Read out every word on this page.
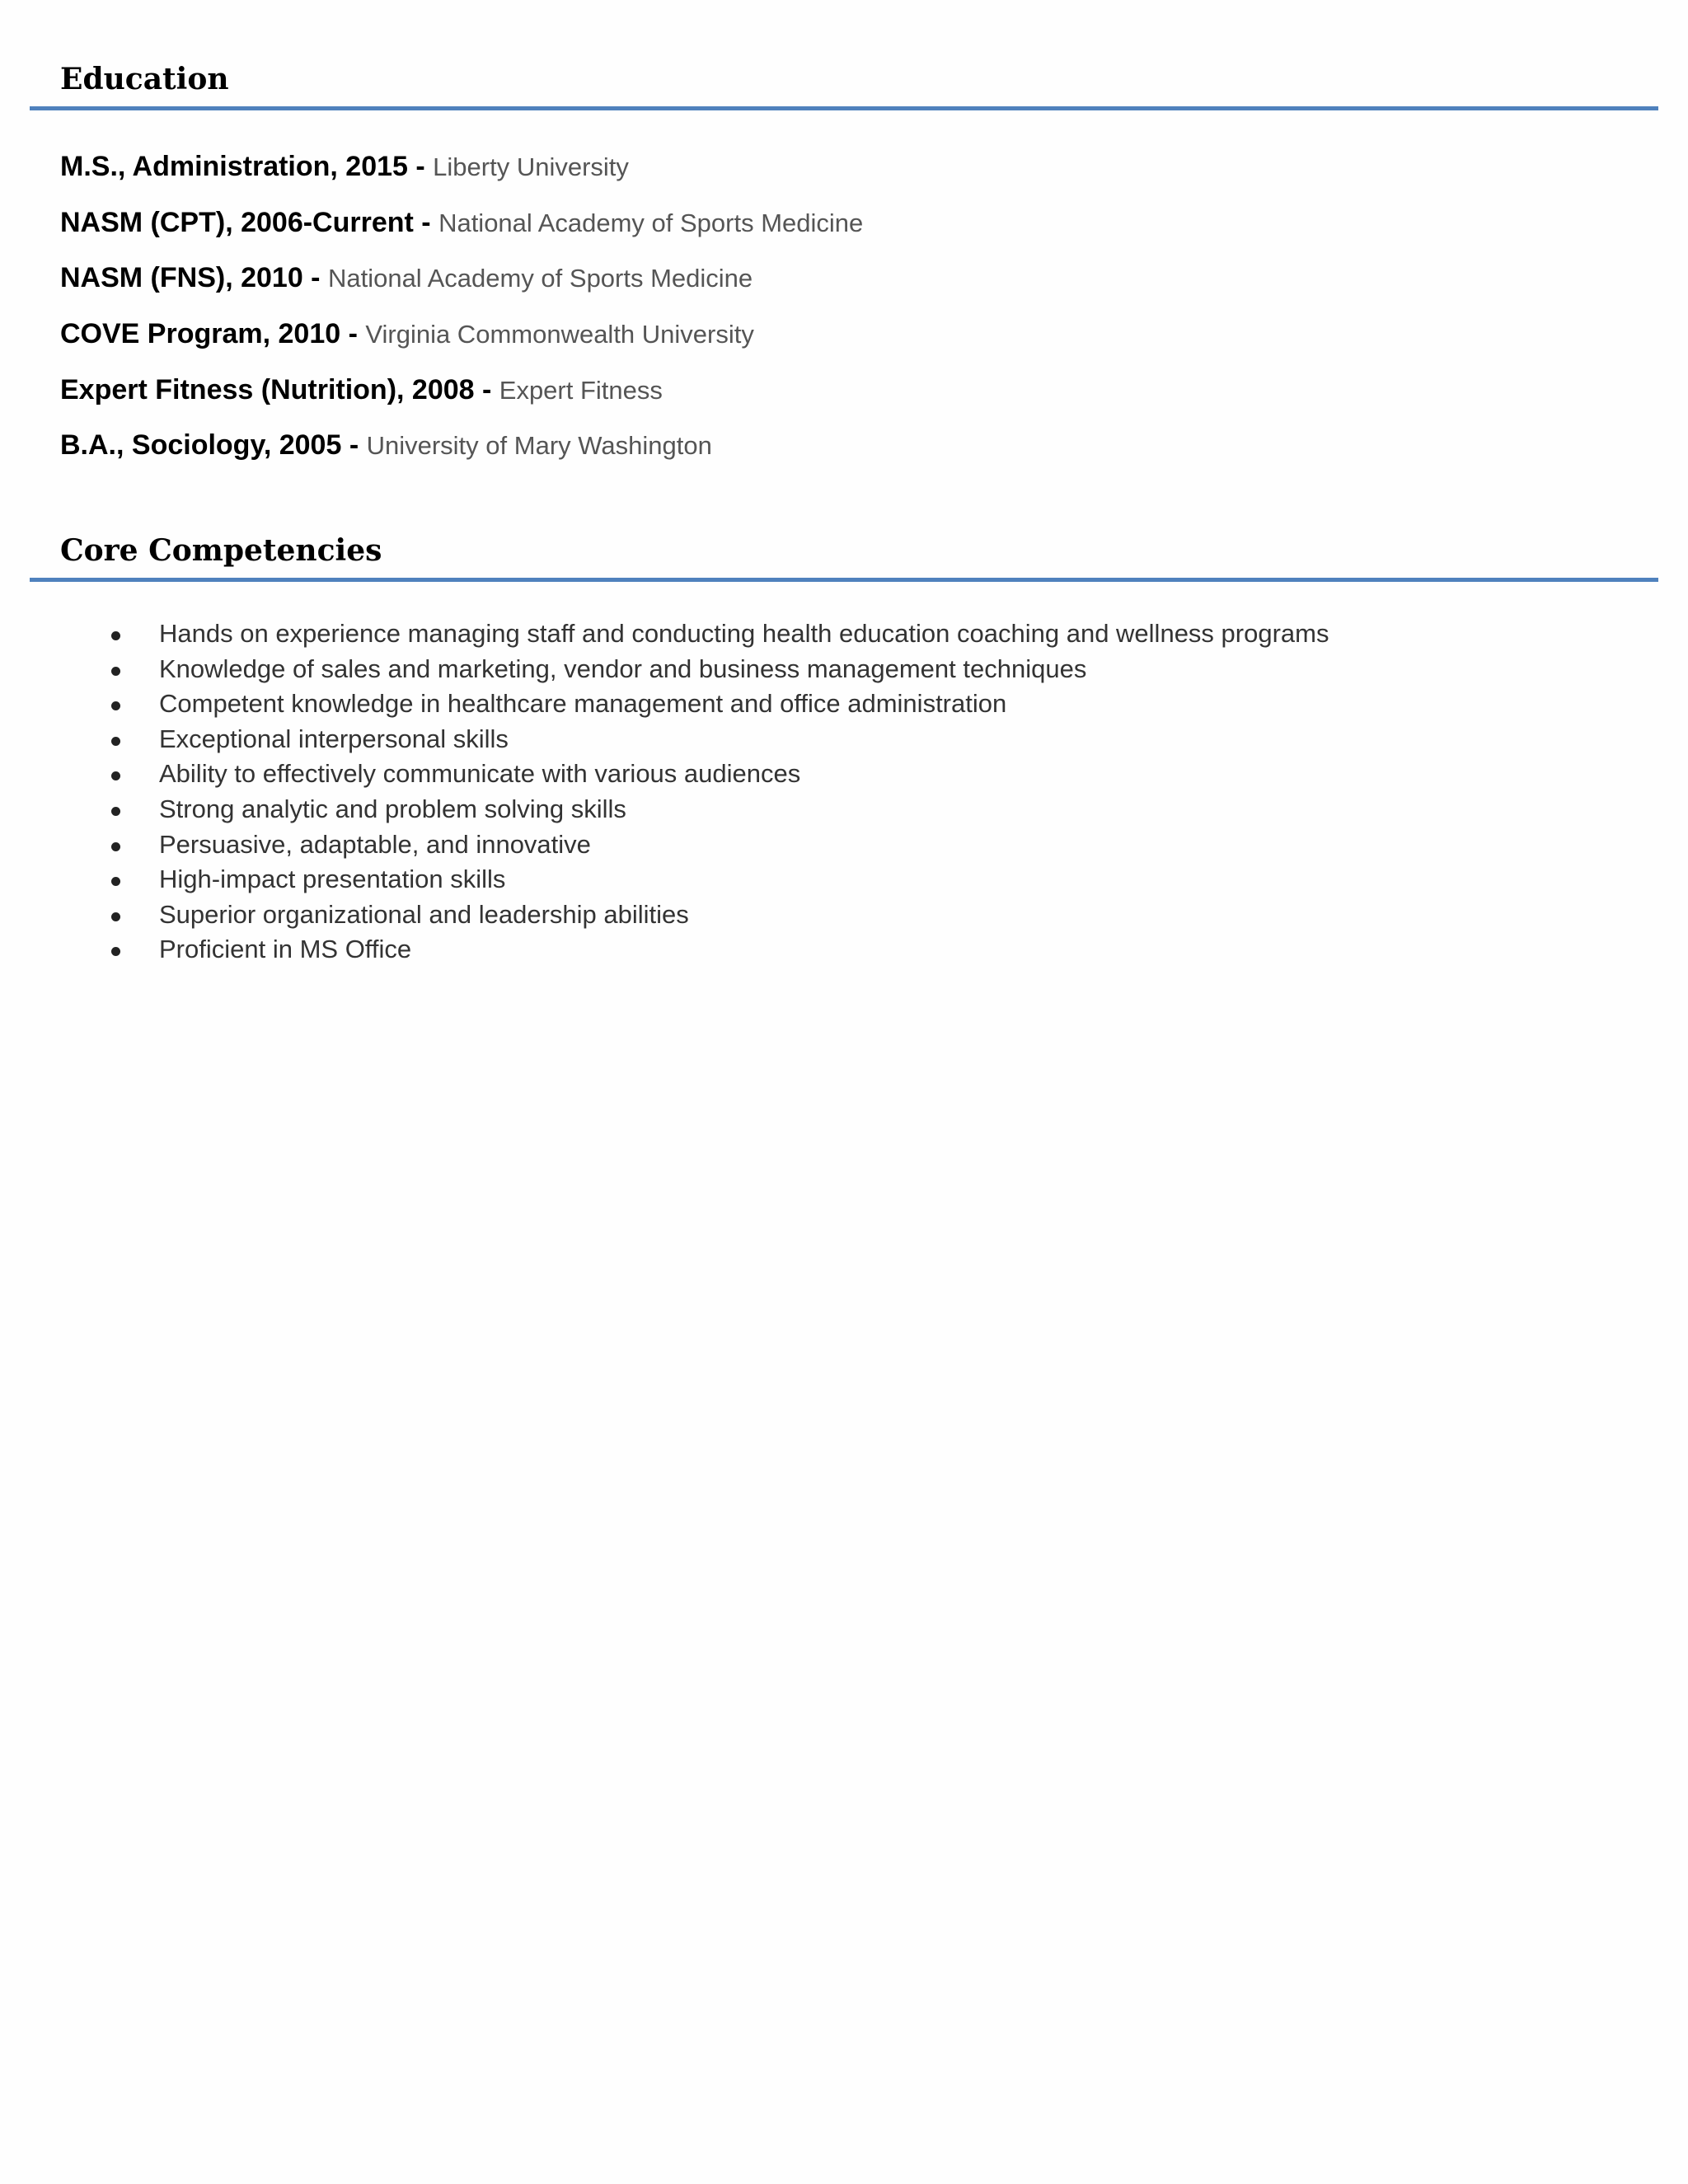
Education
M.S., Administration, 2015 - Liberty University
NASM (CPT), 2006-Current - National Academy of Sports Medicine
NASM (FNS), 2010 - National Academy of Sports Medicine
COVE Program, 2010 - Virginia Commonwealth University
Expert Fitness (Nutrition), 2008 - Expert Fitness
B.A., Sociology, 2005 - University of Mary Washington
Core Competencies
Hands on experience managing staff and conducting health education coaching and wellness programs
Knowledge of sales and marketing, vendor and business management techniques
Competent knowledge in healthcare management and office administration
Exceptional interpersonal skills
Ability to effectively communicate with various audiences
Strong analytic and problem solving skills
Persuasive, adaptable, and innovative
High-impact presentation skills
Superior organizational and leadership abilities
Proficient in MS Office
